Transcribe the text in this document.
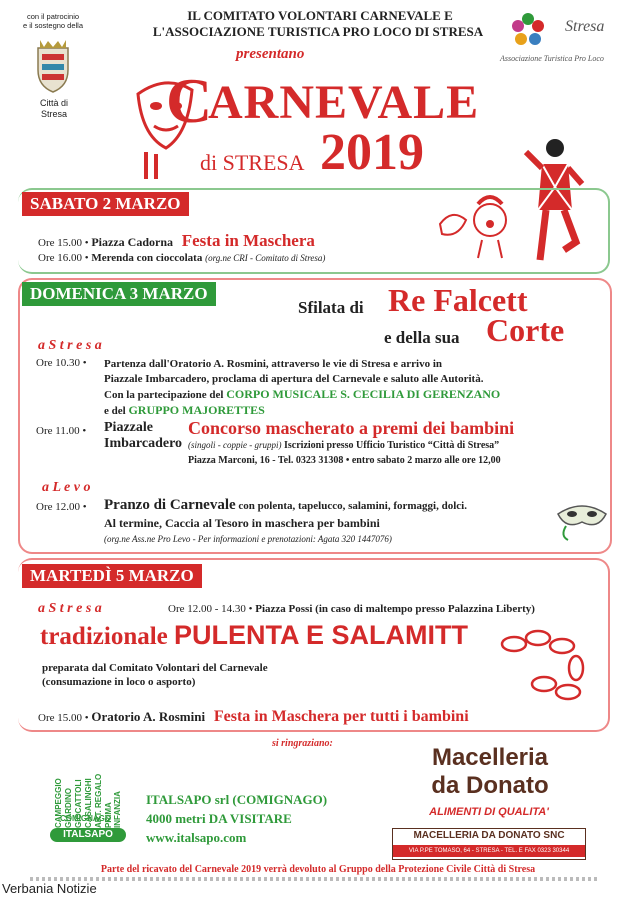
con il patrocinio
e il sostegno della
Città di
Stresa
IL COMITATO VOLONTARI CARNEVALE E
L'ASSOCIAZIONE TURISTICA PRO LOCO DI STRESA
presentano
Stresa
Associazione Turistica Pro Loco
C
ARNEVALE
di STRESA 2019
SABATO 2 MARZO
Ore 15.00 • Piazza Cadorna Festa in Maschera
Ore 16.00 • Merenda con cioccolata (org.ne CRI - Comitato di Stresa)
DOMENICA 3 MARZO
Sfilata di Re Falcett
e della sua Corte
a S t r e s a
Ore 10.30 • Partenza dall'Oratorio A. Rosmini, attraverso le vie di Stresa e arrivo in
Piazzale Imbarcadero, proclama di apertura del Carnevale e saluto alle Autorità.
Con la partecipazione del CORPO MUSICALE S. CECILIA DI GERENZANO
e del GRUPPO MAJORETTES
Ore 11.00 • Piazzale
Imbarcadero
Concorso mascherato a premi dei bambini
(singoli - coppie - gruppi) Iscrizioni presso Ufficio Turistico “Città di Stresa”
Piazza Marconi, 16 - Tel. 0323 31308 • entro sabato 2 marzo alle ore 12,00
a L e v o
Ore 12.00 • Pranzo di Carnevale con polenta, tapelucco, salamini, formaggi, dolci.
Al termine, Caccia al Tesoro in maschera per bambini
(org.ne Ass.ne Pro Levo - Per informazioni e prenotazioni: Agata 320 1447076)
MARTEDÌ 5 MARZO
a S t r e s a	Ore 12.00 - 14.30 • Piazza Possi (in caso di maltempo presso Palazzina Liberty)
tradizionale PULENTA E SALAMITT
preparata dal Comitato Volontari del Carnevale
(consumazione in loco o asporto)
Ore 15.00 • Oratorio A. Rosmini Festa in Maschera per tutti i bambini
si ringraziano:
CAMPEGGIO GIARDINO GIOCATTOLI CASALINGHI ART. REGALO PRIMA INFANZIA
COMIGNAGO
ITALSAPO
ITALSAPO srl (COMIGNAGO)
4000 metri DA VISITARE
www.italsapo.com
Macelleria
da Donato
ALIMENTI DI QUALITA'
MACELLERIA DA DONATO SNC
VIA P.PE TOMASO, 64 - STRESA - TEL. E FAX 0323 30344
Parte del ricavato del Carnevale 2019 verrà devoluto al Gruppo della Protezione Civile Città di Stresa
Verbania Notizie
